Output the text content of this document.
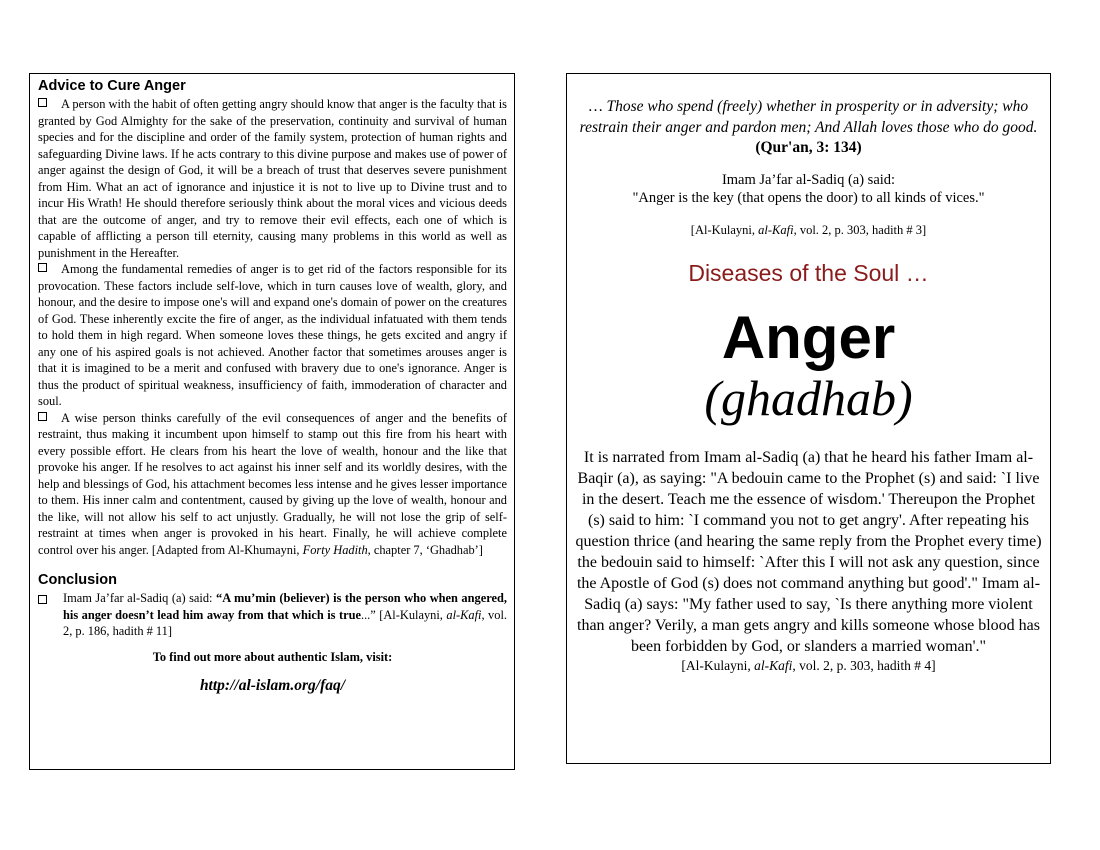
Advice to Cure Anger

A person with the habit of often getting angry should know that anger is the faculty that is granted by God Almighty for the sake of the preservation, continuity and survival of human species and for the discipline and order of the family system, protection of human rights and safeguarding Divine laws. If he acts contrary to this divine purpose and makes use of power of anger against the design of God, it will be a breach of trust that deserves severe punishment from Him. What an act of ignorance and injustice it is not to live up to Divine trust and to incur His Wrath! He should therefore seriously think about the moral vices and vicious deeds that are the outcome of anger, and try to remove their evil effects, each one of which is capable of afflicting a person till eternity, causing many problems in this world as well as punishment in the Hereafter.

Among the fundamental remedies of anger is to get rid of the factors responsible for its provocation. These factors include self-love, which in turn causes love of wealth, glory, and honour, and the desire to impose one's will and expand one's domain of power on the creatures of God. These inherently excite the fire of anger, as the individual infatuated with them tends to hold them in high regard. When someone loves these things, he gets excited and angry if any one of his aspired goals is not achieved. Another factor that sometimes arouses anger is that it is imagined to be a merit and confused with bravery due to one's ignorance. Anger is thus the product of spiritual weakness, insufficiency of faith, immoderation of character and soul.

A wise person thinks carefully of the evil consequences of anger and the benefits of restraint, thus making it incumbent upon himself to stamp out this fire from his heart with every possible effort. He clears from his heart the love of wealth, honour and the like that provoke his anger. If he resolves to act against his inner self and its worldly desires, with the help and blessings of God, his attachment becomes less intense and he gives lesser importance to them. His inner calm and contentment, caused by giving up the love of wealth, honour and the like, will not allow his self to act unjustly. Gradually, he will not lose the grip of self-restraint at times when anger is provoked in his heart. Finally, he will achieve complete control over his anger. [Adapted from Al-Khumayni, Forty Hadith, chapter 7, ‘Ghadhab’]

Conclusion
Imam Ja’far al-Sadiq (a) said: “A mu’min (believer) is the person who when angered, his anger doesn’t lead him away from that which is true...” [Al-Kulayni, al-Kafi, vol. 2, p. 186, hadith # 11]
To find out more about authentic Islam, visit:
http://al-islam.org/faq/
… Those who spend (freely) whether in prosperity or in adversity; who restrain their anger and pardon men; And Allah loves those who do good.
(Qur'an, 3: 134)
Imam Ja’far al-Sadiq (a) said:
"Anger is the key (that opens the door) to all kinds of vices."
[Al-Kulayni, al-Kafi, vol. 2, p. 303, hadith # 3]
Diseases of the Soul …
Anger
(ghadhab)
It is narrated from Imam al-Sadiq (a) that he heard his father Imam al-Baqir (a), as saying: "A bedouin came to the Prophet (s) and said: `I live in the desert. Teach me the essence of wisdom.' Thereupon the Prophet (s) said to him: `I command you not to get angry'. After repeating his question thrice (and hearing the same reply from the Prophet every time) the bedouin said to himself: `After this I will not ask any question, since the Apostle of God (s) does not command anything but good'." Imam al-Sadiq (a) says: "My father used to say, `Is there anything more violent than anger? Verily, a man gets angry and kills someone whose blood has been forbidden by God, or slanders a married woman'."
[Al-Kulayni, al-Kafi, vol. 2, p. 303, hadith # 4]
